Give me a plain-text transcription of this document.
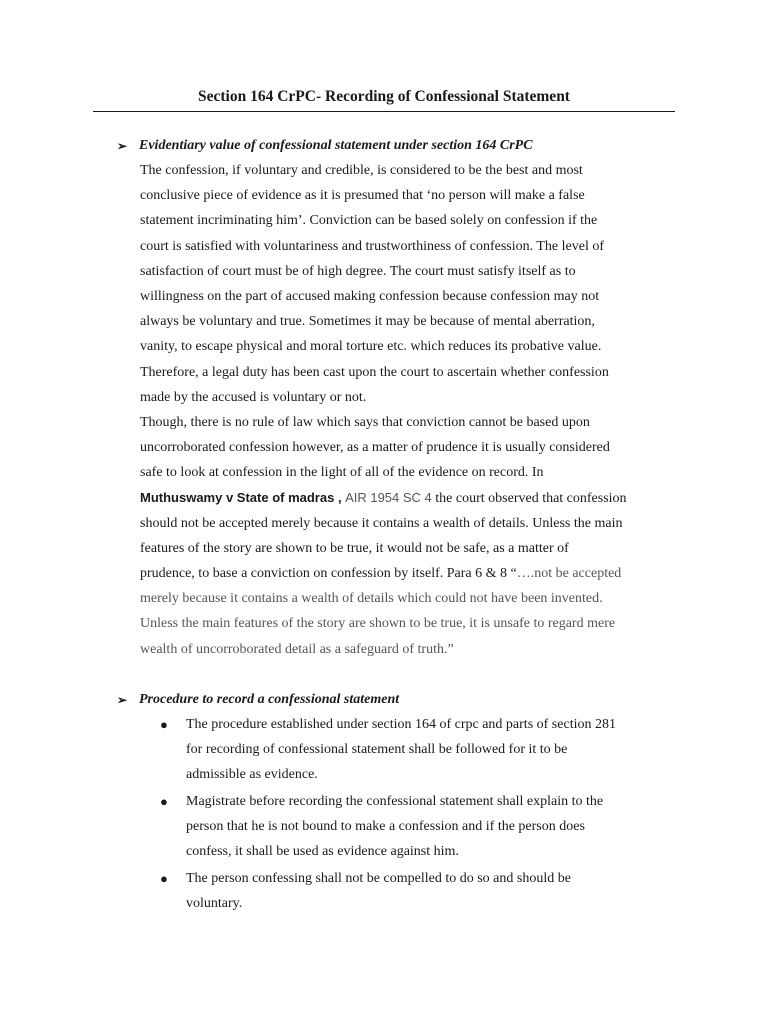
Section 164 CrPC- Recording of Confessional Statement
➢ Evidentiary value of confessional statement under section 164 CrPC
The confession, if voluntary and credible, is considered to be the best and most
conclusive piece of evidence as it is presumed that ‘no person will make a false
statement incriminating him’. Conviction can be based solely on confession if the
court is satisfied with voluntariness and trustworthiness of confession. The level of
satisfaction of court must be of high degree. The court must satisfy itself as to
willingness on the part of accused making confession because confession may not
always be voluntary and true. Sometimes it may be because of mental aberration,
vanity, to escape physical and moral torture etc. which reduces its probative value.
Therefore, a legal duty has been cast upon the court to ascertain whether confession
made by the accused is voluntary or not.
Though, there is no rule of law which says that conviction cannot be based upon
uncorroborated confession however, as a matter of prudence it is usually considered
safe to look at confession in the light of all of the evidence on record. In
Muthuswamy v State of madras , AIR 1954 SC 4 the court observed that confession
should not be accepted merely because it contains a wealth of details. Unless the main
features of the story are shown to be true, it would not be safe, as a matter of
prudence, to base a conviction on confession by itself. Para 6 & 8 “….not be accepted
merely because it contains a wealth of details which could not have been invented.
Unless the main features of the story are shown to be true, it is unsafe to regard mere
wealth of uncorroborated detail as a safeguard of truth.”
➢ Procedure to record a confessional statement
● The procedure established under section 164 of crpc and parts of section 281
for recording of confessional statement shall be followed for it to be
admissible as evidence.
● Magistrate before recording the confessional statement shall explain to the
person that he is not bound to make a confession and if the person does
confess, it shall be used as evidence against him.
● The person confessing shall not be compelled to do so and should be
voluntary.
